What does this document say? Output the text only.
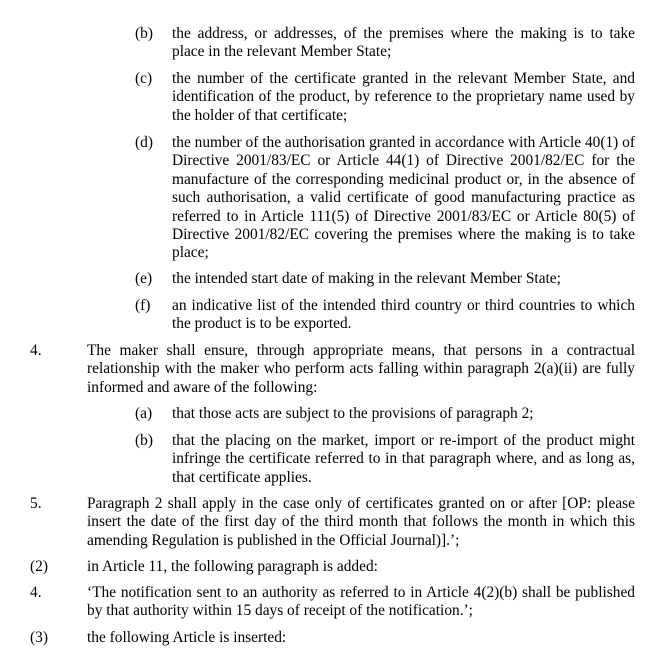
(b) the address, or addresses, of the premises where the making is to take place in the relevant Member State;
(c) the number of the certificate granted in the relevant Member State, and identification of the product, by reference to the proprietary name used by the holder of that certificate;
(d) the number of the authorisation granted in accordance with Article 40(1) of Directive 2001/83/EC or Article 44(1) of Directive 2001/82/EC for the manufacture of the corresponding medicinal product or, in the absence of such authorisation, a valid certificate of good manufacturing practice as referred to in Article 111(5) of Directive 2001/83/EC or Article 80(5) of Directive 2001/82/EC covering the premises where the making is to take place;
(e) the intended start date of making in the relevant Member State;
(f) an indicative list of the intended third country or third countries to which the product is to be exported.
4.	The maker shall ensure, through appropriate means, that persons in a contractual relationship with the maker who perform acts falling within paragraph 2(a)(ii) are fully informed and aware of the following:
(a) that those acts are subject to the provisions of paragraph 2;
(b) that the placing on the market, import or re-import of the product might infringe the certificate referred to in that paragraph where, and as long as, that certificate applies.
5.	Paragraph 2 shall apply in the case only of certificates granted on or after [OP: please insert the date of the first day of the third month that follows the month in which this amending Regulation is published in the Official Journal)].’;
(2)	in Article 11, the following paragraph is added:
4.	‘The notification sent to an authority as referred to in Article 4(2)(b) shall be published by that authority within 15 days of receipt of the notification.’;
(3)	the following Article is inserted:
